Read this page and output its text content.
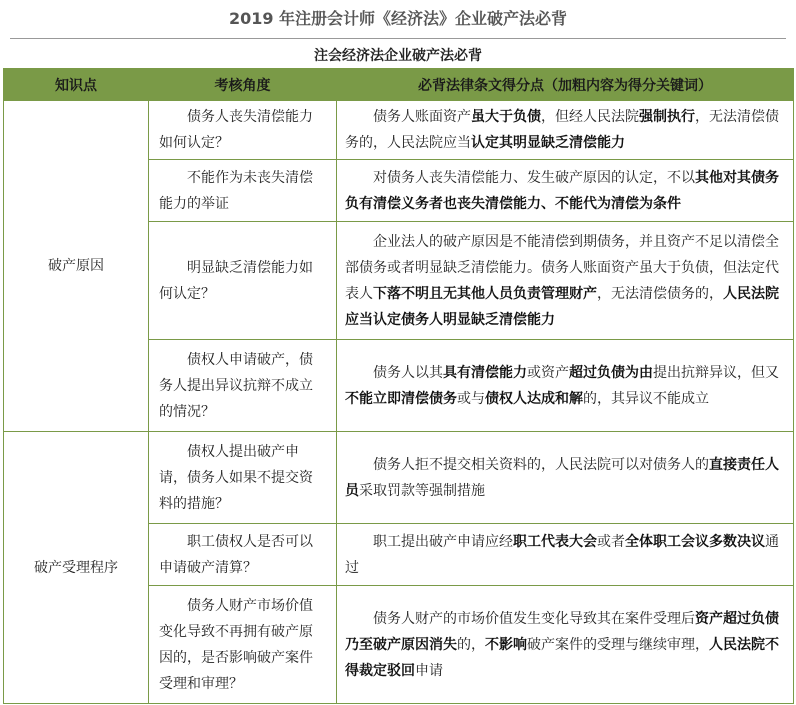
2019 年注册会计师《经济法》企业破产法必背
注会经济法企业破产法必背
知识点	考核角度	必背法律条文得分点（加粗内容为得分关键词）
破产原因	债务人丧失清偿能力如何认定？	债务人账面资产虽大于负债，但经人民法院强制执行，无法清偿债务的，人民法院应当认定其明显缺乏清偿能力
	不能作为未丧失清偿能力的举证	对债务人丧失清偿能力、发生破产原因的认定，不以其他对其债务负有清偿义务者也丧失清偿能力、不能代为清偿为条件
	明显缺乏清偿能力如何认定？	企业法人的破产原因是不能清偿到期债务，并且资产不足以清偿全部债务或者明显缺乏清偿能力。债务人账面资产虽大于负债，但法定代表人下落不明且无其他人员负责管理财产，无法清偿债务的，人民法院应当认定债务人明显缺乏清偿能力
	债权人申请破产，债务人提出异议抗辩不成立的情况？	债务人以其具有清偿能力或资产超过负债为由提出抗辩异议，但又不能立即清偿债务或与债权人达成和解的，其异议不能成立
破产受理程序	债权人提出破产申请，债务人如果不提交资料的措施？	债务人拒不提交相关资料的，人民法院可以对债务人的直接责任人员采取罚款等强制措施
	职工债权人是否可以申请破产清算？	职工提出破产申请应经职工代表大会或者全体职工会议多数决议通过
	债务人财产市场价值变化导致不再拥有破产原因的，是否影响破产案件受理和审理？	债务人财产的市场价值发生变化导致其在案件受理后资产超过负债乃至破产原因消失的，不影响破产案件的受理与继续审理，人民法院不得裁定驳回申请
